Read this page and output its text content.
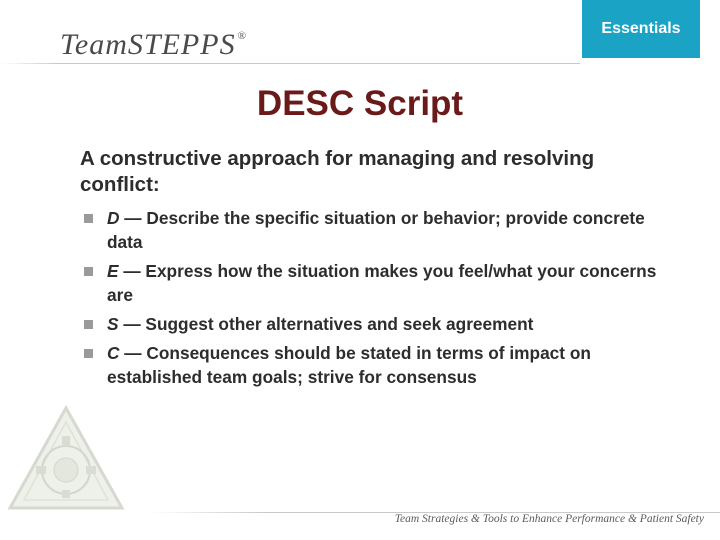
TeamSTEPPS ®	Essentials
DESC Script
A constructive approach for managing and resolving conflict:
D — Describe the specific situation or behavior; provide concrete data
E — Express how the situation makes you feel/what your concerns are
S — Suggest other alternatives and seek agreement
C — Consequences should be stated in terms of impact on established team goals; strive for consensus
Team Strategies & Tools to Enhance Performance & Patient Safety
